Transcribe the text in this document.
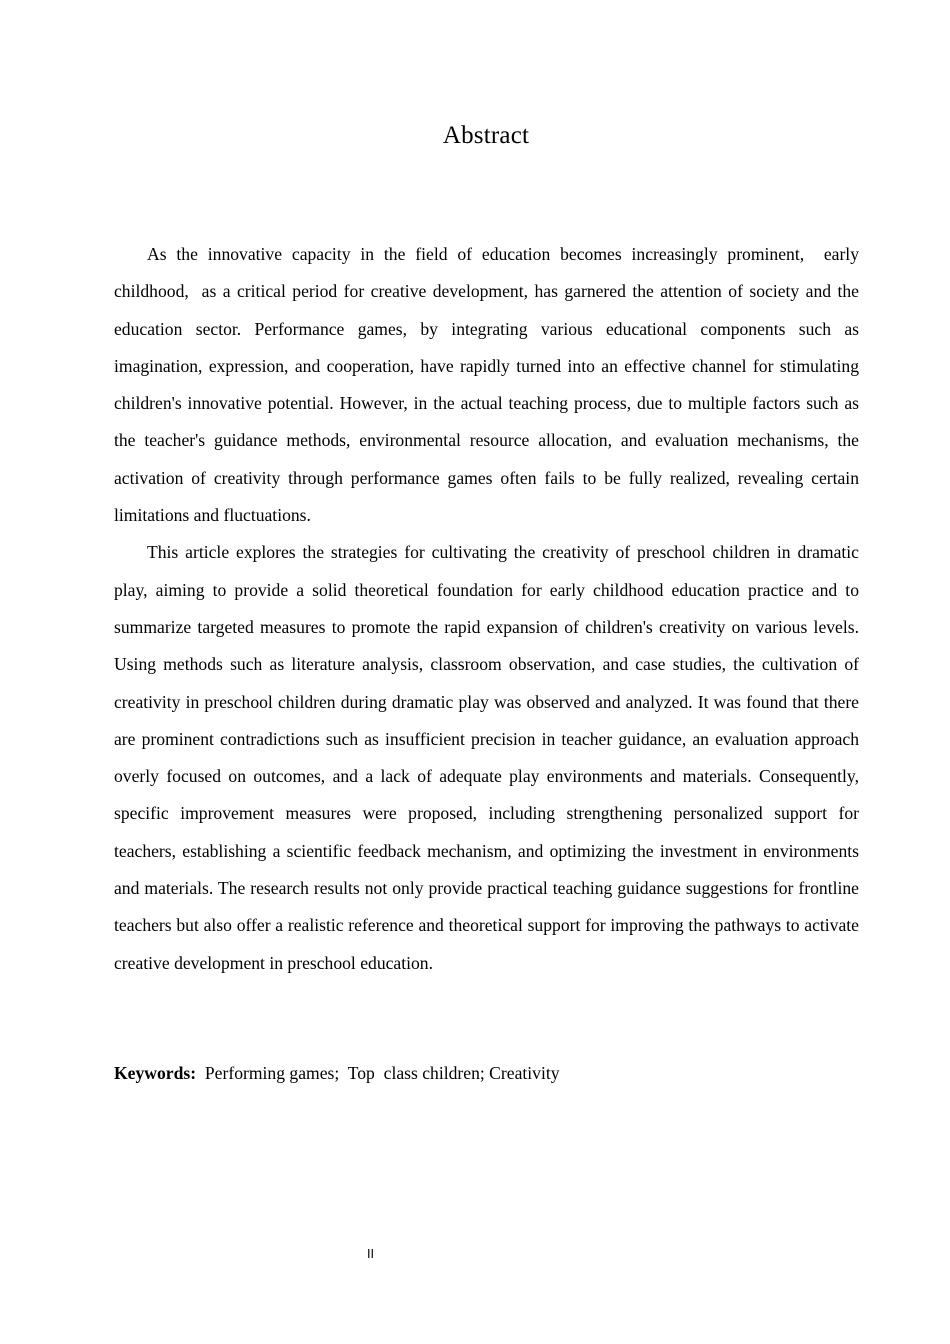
Abstract

As the innovative capacity in the field of education becomes increasingly prominent,  early childhood,  as a critical period for creative development, has garnered the attention of society and the education sector. Performance games, by integrating various educational components such as imagination, expression, and cooperation, have rapidly turned into an effective channel for stimulating children's innovative potential. However, in the actual teaching process, due to multiple factors such as the teacher's guidance methods, environmental resource allocation, and evaluation mechanisms, the activation of creativity through performance games often fails to be fully realized, revealing certain limitations and fluctuations.

This article explores the strategies for cultivating the creativity of preschool children in dramatic play, aiming to provide a solid theoretical foundation for early childhood education practice and to summarize targeted measures to promote the rapid expansion of children's creativity on various levels. Using methods such as literature analysis, classroom observation, and case studies, the cultivation of creativity in preschool children during dramatic play was observed and analyzed. It was found that there are prominent contradictions such as insufficient precision in teacher guidance, an evaluation approach overly focused on outcomes, and a lack of adequate play environments and materials. Consequently, specific improvement measures were proposed, including strengthening personalized support for teachers, establishing a scientific feedback mechanism, and optimizing the investment in environments and materials. The research results not only provide practical teaching guidance suggestions for frontline teachers but also offer a realistic reference and theoretical support for improving the pathways to activate creative development in preschool education.

Keywords:  Performing games;  Top  class children; Creativity
II
